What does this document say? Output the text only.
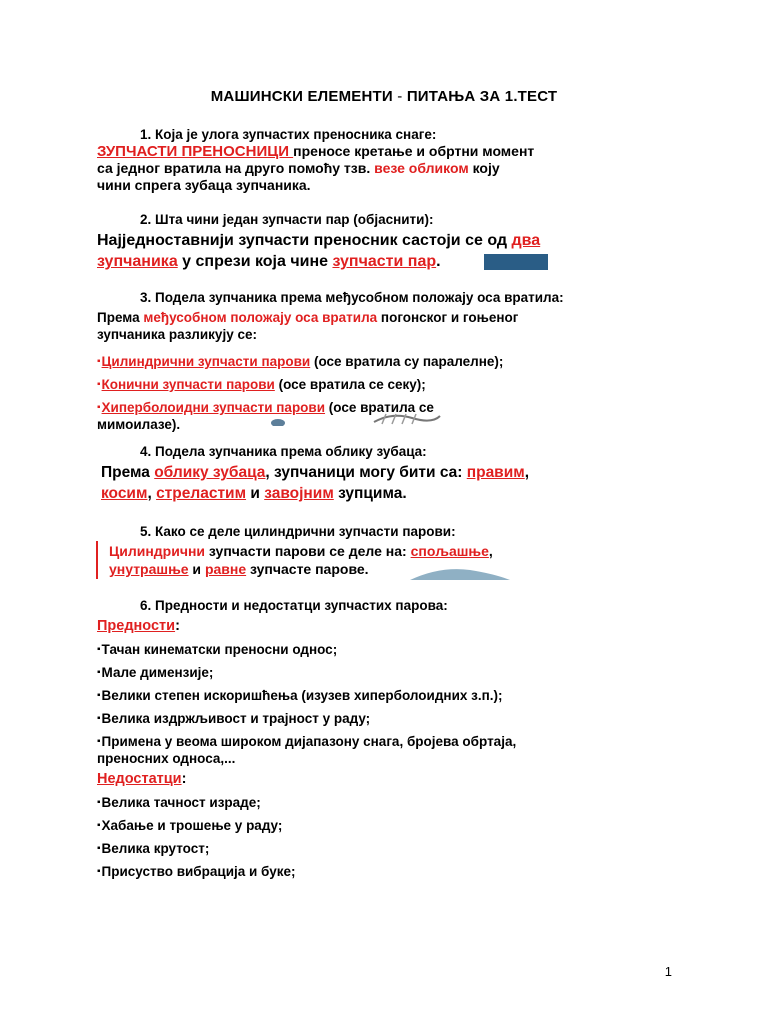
МАШИНСКИ ЕЛЕМЕНТИ - ПИТАЊА ЗА 1.ТЕСТ
1. Која је улога зупчастих преносника снаге:
ЗУПЧАСТИ ПРЕНОСНИЦИ преносе кретање и обртни момент
са једног вратила на друго помоћу тзв. везе обликом коју
чини спрега зубаца зупчаника.
2. Шта чини један зупчасти пар (објаснити):
Најједноставнији зупчасти преносник састоји се од два
зупчаника у спрези која чине зупчасти пар.
3. Подела зупчаника према међусобном положају оса вратила:
Према међусобном положају оса вратила погонског и гоњеног
зупчаника разликују се:
▪Цилиндрични зупчасти парови (осе вратила су паралелне);
▪Конични зупчасти парови (осе вратила се секу);
▪Хиперболоидни зупчасти парови (осе вратила се
мимоилазе).
4. Подела зупчаника према облику зубаца:
Према облику зубаца, зупчаници могу бити са: правим,
косим, стреластим и завојним зупцима.
5. Како се деле цилиндрични зупчасти парови:
Цилиндрични зупчасти парови се деле на: спољашње,
унутрашње и равне зупчасте парове.
6. Предности и недостатци зупчастих парова:
Предности:
▪Тачан кинематски преносни однос;
▪Мале димензије;
▪Велики степен искоришћења (изузев хиперболоидних з.п.);
▪Велика издржљивост и трајност у раду;
▪Примена у веома широком дијапазону снага, бројева обртаја,
преносних односа,...
Недостатци:
▪Велика тачност израде;
▪Хабање и трошење у раду;
▪Велика крутост;
▪Присуство вибрација и буке;
1
